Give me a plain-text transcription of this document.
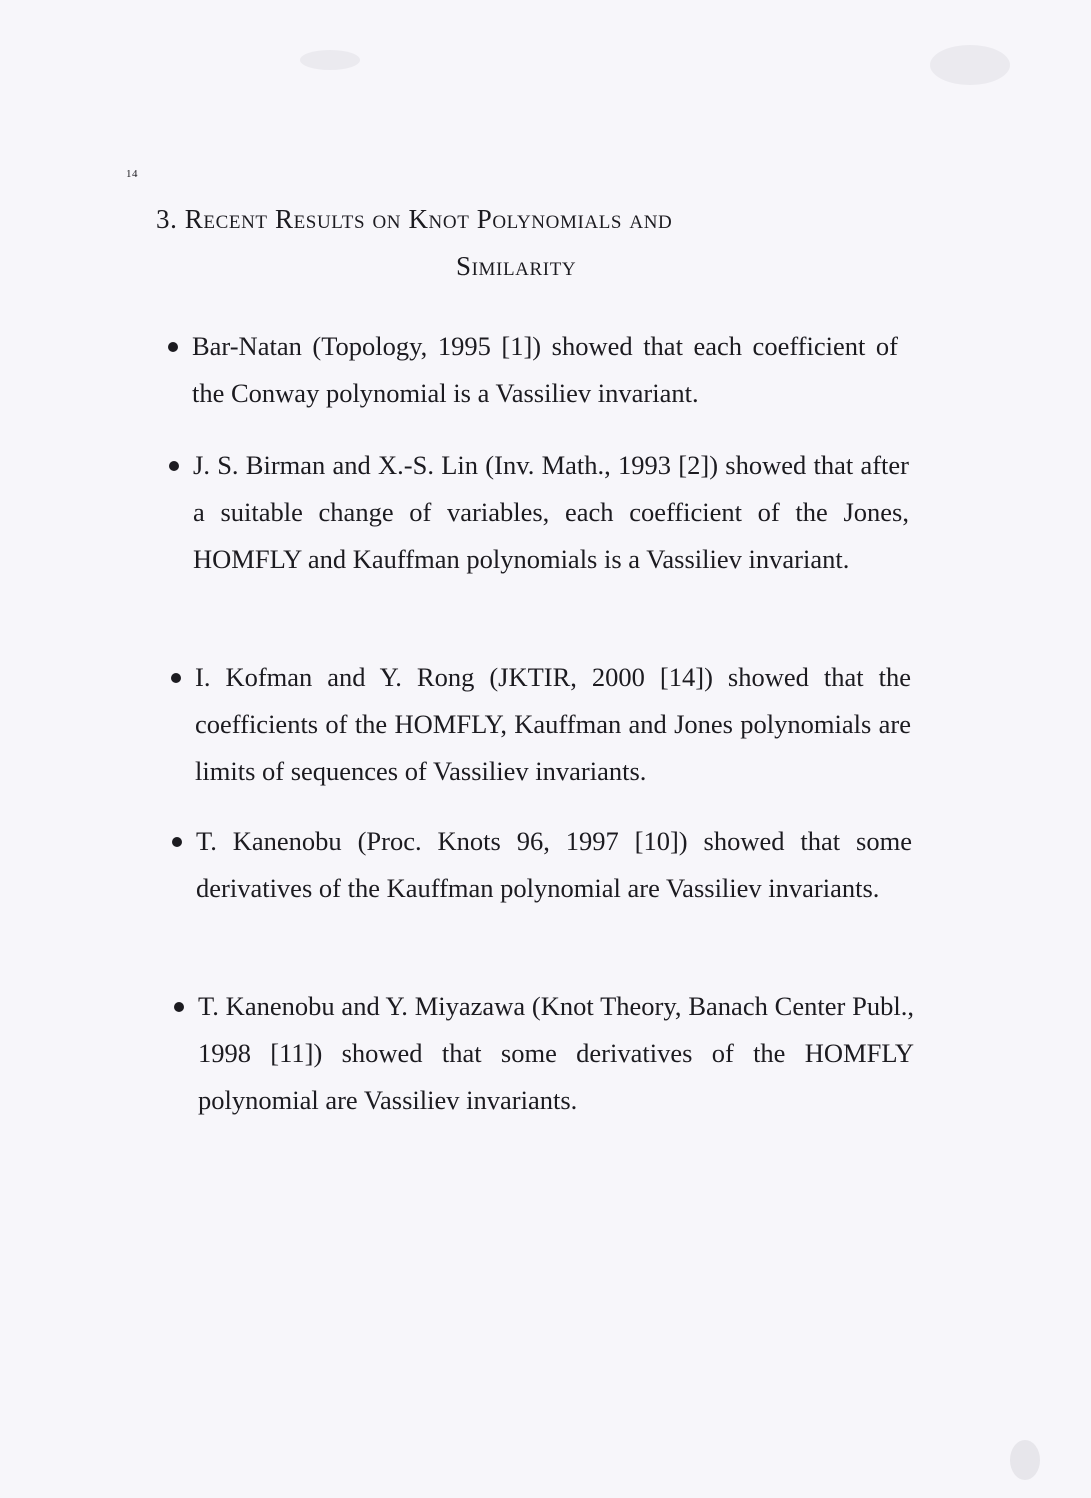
14
3. Recent Results on Knot Polynomials and
Similarity
Bar-Natan (Topology, 1995 [1]) showed that each coefficient of the Conway polynomial is a Vassiliev invariant.
J. S. Birman and X.-S. Lin (Inv. Math., 1993 [2]) showed that after a suitable change of variables, each coefficient of the Jones, HOMFLY and Kauffman polynomials is a Vassiliev invariant.
I. Kofman and Y. Rong (JKTIR, 2000 [14]) showed that the coefficients of the HOMFLY, Kauffman and Jones polynomials are limits of sequences of Vassiliev invariants.
T. Kanenobu (Proc. Knots 96, 1997 [10]) showed that some derivatives of the Kauffman polynomial are Vassiliev invariants.
T. Kanenobu and Y. Miyazawa (Knot Theory, Banach Center Publ., 1998 [11]) showed that some derivatives of the HOMFLY polynomial are Vassiliev invariants.
